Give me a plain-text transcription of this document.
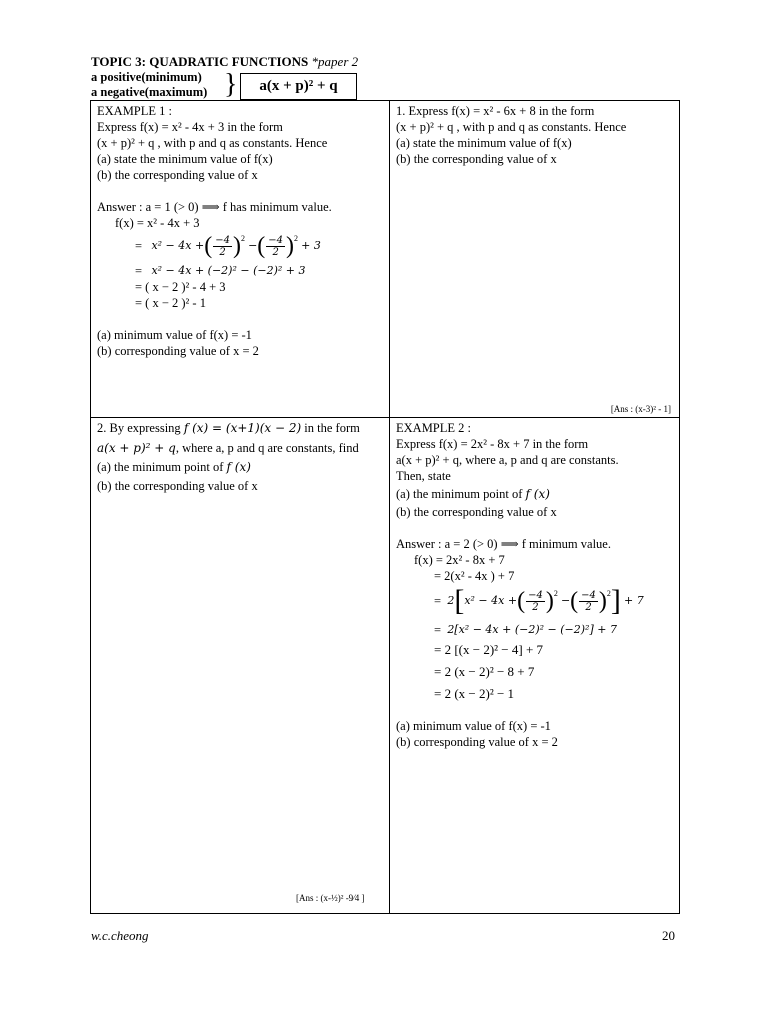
TOPIC 3: QUADRATIC FUNCTIONS *paper 2
a positive(minimum)
a negative(maximum) }	a(x + p)² + q
EXAMPLE 1 :
Express f(x) = x² - 4x + 3 in the form
(x + p)² + q , with p and q as constants. Hence
(a) state the minimum value of f(x)
(b) the corresponding value of x
Answer : a = 1 (> 0) ⟹ f has minimum value.
f(x) = x² - 4x + 3
=
x² − 4x + ( $\frac{-4}{2} )^2$

− ( $\frac{-4}{2} )^2$

+ 3
=
x² − 4x + (−2)² − (−2)² + 3
= ( x − 2 )² - 4 + 3
= ( x − 2 )² - 1
(a) minimum value of f(x) = -1
(b) corresponding value of x = 2
[Ans : (x-3)² - 1]
1. Express f(x) = x² - 6x + 8 in the form
(x + p)² + q , with p and q as constants. Hence
(a) state the minimum value of f(x)
(b) the corresponding value of x
2. By expressing f (x) = (x+1)(x − 2) in the form
a(x + p)² + q, where a, p and q are constants, find
(a) the minimum point of f (x)
(b) the corresponding value of x
[Ans : (x-½)² -9⁄4 ]
EXAMPLE 2 :
Express f(x) = 2x² - 8x + 7 in the form
a(x + p)² + q, where a, p and q are constants.
Then, state
(a) the minimum point of f (x)
(b) the corresponding value of x
Answer : a = 2 (> 0) ⟹ f minimum value.
f(x) = 2x² - 8x + 7
= 2(x² - 4x ) + 7
=
2 [ x² − 4x + ( $\frac{-4}{2} )^2$

− ( $\frac{-4}{2} )^2$ ]
+ 7
=
2[x² − 4x + (−2)² − (−2)²] + 7
= 2 [(x − 2)² − 4] + 7
= 2 (x − 2)² − 8 + 7
= 2 (x − 2)² − 1
(a) minimum value of f(x) = -1
(b) corresponding value of x = 2
w.c.cheong	20
